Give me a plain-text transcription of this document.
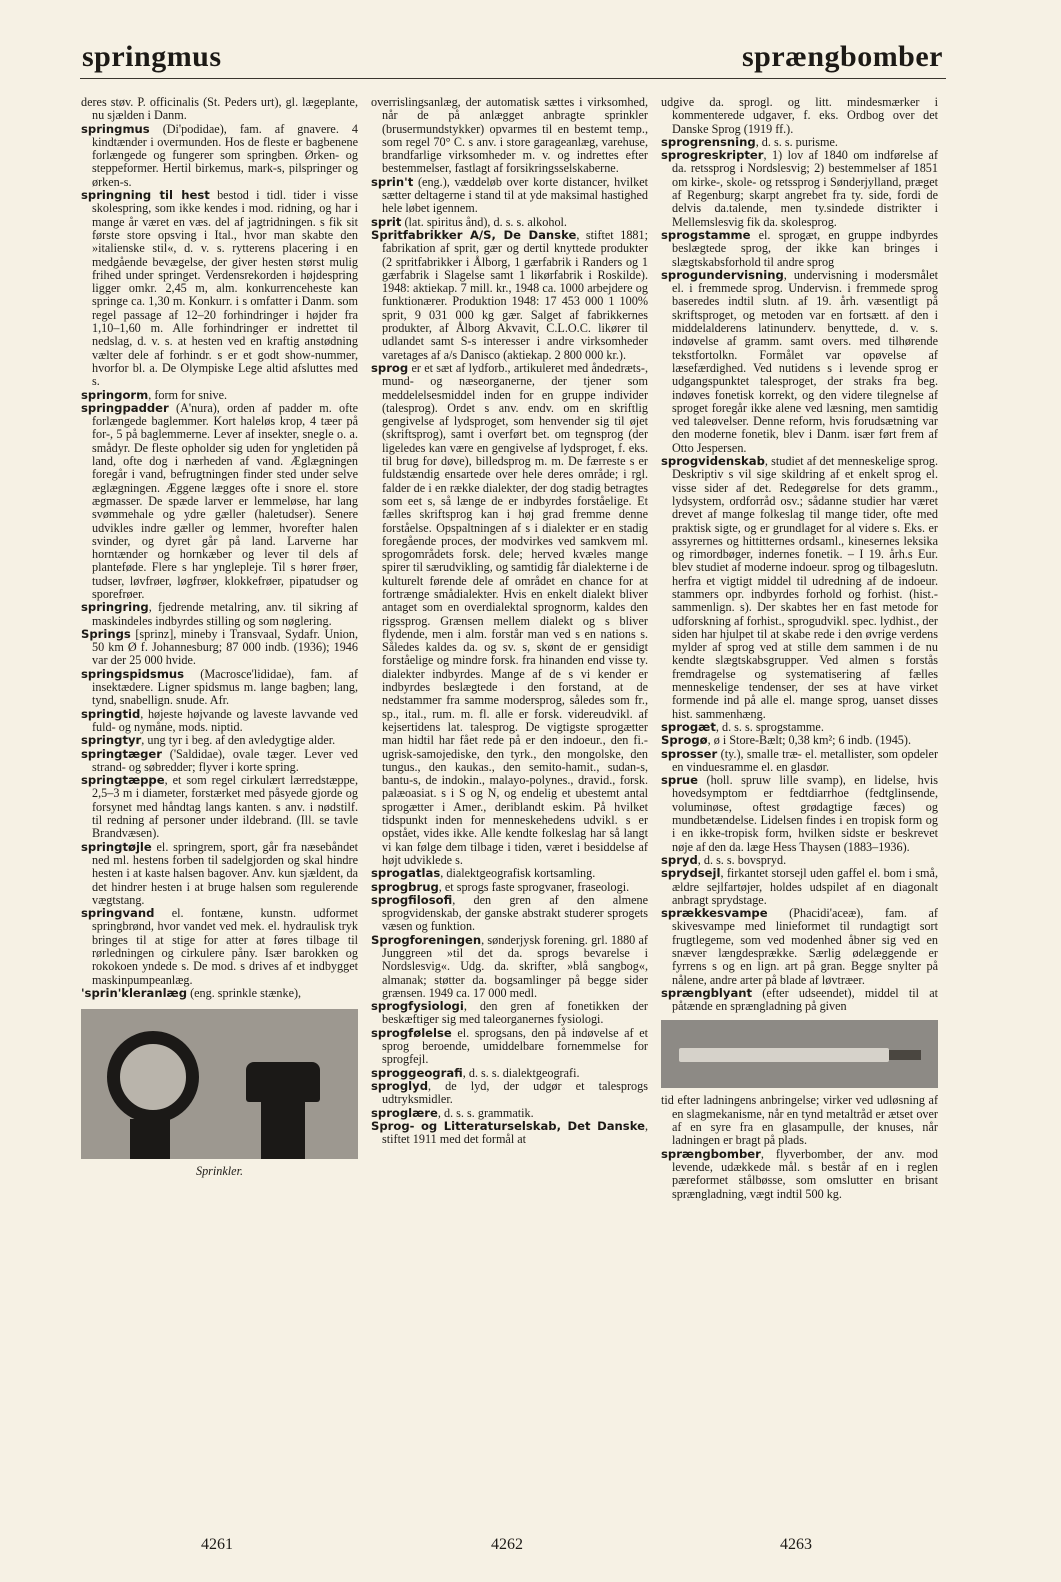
springmus	sprængbomber

deres støv. P. officinalis (St. Peders urt), gl. lægeplante, nu sjælden i Danm.

springmus (Di'podidae), fam. af gnavere. 4 kindtænder i overmunden. Hos de fleste er bagbenene forlængede og fungerer som springben. Ørken- og steppeformer. Hertil birkemus, mark-s, pilspringer og ørken-s.

springning til hest bestod i tidl. tider i visse skolespring, som ikke kendes i mod. ridning, og har i mange år været en væs. del af jagtridningen. s fik sit første store opsving i Ital., hvor man skabte den »italienske stil«, d. v. s. rytterens placering i en medgående bevægelse, der giver hesten størst mulig frihed under springet. Verdensrekorden i højdespring ligger omkr. 2,45 m, alm. konkurrenceheste kan springe ca. 1,30 m. Konkurr. i s omfatter i Danm. som regel passage af 12–20 forhindringer i højder fra 1,10–1,60 m. Alle forhindringer er indrettet til nedslag, d. v. s. at hesten ved en kraftig anstødning vælter dele af forhindr. s er et godt show-nummer, hvorfor bl. a. De Olympiske Lege altid afsluttes med s.

springorm, form for snive.

springpadder (A'nura), orden af padder m. ofte forlængede baglemmer. Kort haleløs krop, 4 tæer på for-, 5 på baglemmerne. Lever af insekter, snegle o. a. smådyr. De fleste opholder sig uden for yngletiden på land, ofte dog i nærheden af vand. Æglægningen foregår i vand, befrugtningen finder sted under selve æglægningen. Æggene lægges ofte i snore el. store ægmasser. De spæde larver er lemmeløse, har lang svømmehale og ydre gæller (haletudser). Senere udvikles indre gæller og lemmer, hvorefter halen svinder, og dyret går på land. Larverne har horntænder og hornkæber og lever til dels af planteføde. Flere s har ynglepleje. Til s hører frøer, tudser, løvfrøer, løgfrøer, klokkefrøer, pipatudser og sporefrøer.

springring, fjedrende metalring, anv. til sikring af maskindeles indbyrdes stilling og som nøglering.

Springs [sprinz], mineby i Transvaal, Sydafr. Union, 50 km Ø f. Johannesburg; 87 000 indb. (1936); 1946 var der 25 000 hvide.

springspidsmus (Macrosce'lididae), fam. af insektædere. Ligner spidsmus m. lange bagben; lang, tynd, snabellign. snude. Afr.

springtid, højeste højvande og laveste lavvande ved fuld- og nymåne, mods. niptid.

springtyr, ung tyr i beg. af den avledygtige alder.

springtæger ('Saldidae), ovale tæger. Lever ved strand- og søbredder; flyver i korte spring.

springtæppe, et som regel cirkulært lærredstæppe, 2,5–3 m i diameter, forstærket med påsyede gjorde og forsynet med håndtag langs kanten. s anv. i nødstilf. til redning af personer under ildebrand. (Ill. se tavle Brandvæsen).

springtøjle el. springrem, sport, går fra næsebåndet ned ml. hestens forben til sadelgjorden og skal hindre hesten i at kaste halsen bagover. Anv. kun sjældent, da det hindrer hesten i at bruge halsen som regulerende vægtstang.

springvand el. fontæne, kunstn. udformet springbrønd, hvor vandet ved mek. el. hydraulisk tryk bringes til at stige for atter at føres tilbage til rørledningen og cirkulere påny. Især barokken og rokokoen yndede s. De mod. s drives af et indbygget maskinpumpeanlæg.

'sprin'kleranlæg (eng. sprinkle stænke),

Sprinkler.

overrislingsanlæg, der automatisk sættes i virksomhed, når de på anlægget anbragte sprinkler (brusermundstykker) opvarmes til en bestemt temp., som regel 70° C. s anv. i store garageanlæg, varehuse, brandfarlige virksomheder m. v. og indrettes efter bestemmelser, fastlagt af forsikringsselskaberne.

sprin't (eng.), væddeløb over korte distancer, hvilket sætter deltagerne i stand til at yde maksimal hastighed hele løbet igennem.

sprit (lat. spiritus ånd), d. s. s. alkohol.

Spritfabrikker A/S, De Danske, stiftet 1881; fabrikation af sprit, gær og dertil knyttede produkter (2 spritfabrikker i Ålborg, 1 gærfabrik i Randers og 1 gærfabrik i Slagelse samt 1 likørfabrik i Roskilde). 1948: aktiekap. 7 mill. kr., 1948 ca. 1000 arbejdere og funktionærer. Produktion 1948: 17 453 000 1 100% sprit, 9 031 000 kg gær. Salget af fabrikkernes produkter, af Ålborg Akvavit, C.L.O.C. likører til udlandet samt S-s interesser i andre virksomheder varetages af a/s Danisco (aktiekap. 2 800 000 kr.).

sprog er et sæt af lydforb., artikuleret med åndedræts-, mund- og næseorganerne, der tjener som meddelelsesmiddel inden for en gruppe individer (talesprog). Ordet s anv. endv. om en skriftlig gengivelse af lydsproget, som henvender sig til øjet (skriftsprog), samt i overført bet. om tegnsprog (der ligeledes kan være en gengivelse af lydsproget, f. eks. til brug for døve), billedsprog m. m. De færreste s er fuldstændig ensartede over hele deres område; i rgl. falder de i en række dialekter, der dog stadig betragtes som eet s, så længe de er indbyrdes forståelige. Et fælles skriftsprog kan i høj grad fremme denne forståelse. Opspaltningen af s i dialekter er en stadig foregående proces, der modvirkes ved samkvem ml. sprogområdets forsk. dele; herved kvæles mange spirer til særudvikling, og samtidig får dialekterne i de kulturelt førende dele af området en chance for at fortrænge smådialekter. Hvis en enkelt dialekt bliver antaget som en overdialektal sprognorm, kaldes den rigssprog. Grænsen mellem dialekt og s bliver flydende, men i alm. forstår man ved s en nations s. Således kaldes da. og sv. s, skønt de er gensidigt forståelige og mindre forsk. fra hinanden end visse ty. dialekter indbyrdes. Mange af de s vi kender er indbyrdes beslægtede i den forstand, at de nedstammer fra samme modersprog, således som fr., sp., ital., rum. m. fl. alle er forsk. videreudvikl. af kejsertidens lat. talesprog. De vigtigste sprogætter man hidtil har fået rede på er den indoeur., den fi.-ugrisk-samojediske, den tyrk., den mongolske, den tungus., den kaukas., den semito-hamit., sudan-s, bantu-s, de indokin., malayo-polynes., dravid., forsk. palæoasiat. s i S og N, og endelig et ubestemt antal sprogætter i Amer., deriblandt eskim. På hvilket tidspunkt inden for menneskehedens udvikl. s er opstået, vides ikke. Alle kendte folkeslag har så langt vi kan følge dem tilbage i tiden, været i besiddelse af højt udviklede s.

sprogatlas, dialektgeografisk kortsamling.

sprogbrug, et sprogs faste sprogvaner, fraseologi.

sprogfilosofi, den gren af den almene sprogvidenskab, der ganske abstrakt studerer sprogets væsen og funktion.

Sprogforeningen, sønderjysk forening. grl. 1880 af Junggreen »til det da. sprogs bevarelse i Nordslesvig«. Udg. da. skrifter, »blå sangbog«, almanak; støtter da. bogsamlinger på begge sider grænsen. 1949 ca. 17 000 medl.

sprogfysiologi, den gren af fonetikken der beskæftiger sig med taleorganernes fysiologi.

sprogfølelse el. sprogsans, den på indøvelse af et sprog beroende, umiddelbare fornemmelse for sprogfejl.

sproggeografi, d. s. s. dialektgeografi.

sproglyd, de lyd, der udgør et talesprogs udtryksmidler.

sproglære, d. s. s. grammatik.

Sprog- og Litteraturselskab, Det Danske, stiftet 1911 med det formål at

udgive da. sprogl. og litt. mindesmærker i kommenterede udgaver, f. eks. Ordbog over det Danske Sprog (1919 ff.).

sprogrensning, d. s. s. purisme.

sprogreskripter, 1) lov af 1840 om indførelse af da. retssprog i Nordslesvig; 2) bestemmelser af 1851 om kirke-, skole- og retssprog i Sønderjylland, præget af Regenburg; skarpt angrebet fra ty. side, fordi de delvis da.talende, men ty.sindede distrikter i Mellemslesvig fik da. skolesprog.

sprogstamme el. sprogæt, en gruppe indbyrdes beslægtede sprog, der ikke kan bringes i slægtskabsforhold til andre sprog

sprogundervisning, undervisning i modersmålet el. i fremmede sprog. Undervisn. i fremmede sprog baseredes indtil slutn. af 19. årh. væsentligt på skriftsproget, og metoden var en fortsætt. af den i middelalderens latinunderv. benyttede, d. v. s. indøvelse af gramm. samt overs. med tilhørende tekstfortolkn. Formålet var opøvelse af læsefærdighed. Ved nutidens s i levende sprog er udgangspunktet talesproget, der straks fra beg. indøves fonetisk korrekt, og den videre tilegnelse af sproget foregår ikke alene ved læsning, men samtidig ved taleøvelser. Denne reform, hvis forudsætning var den moderne fonetik, blev i Danm. især ført frem af Otto Jespersen.

sprogvidenskab, studiet af det menneskelige sprog. Deskriptiv s vil sige skildring af et enkelt sprog el. visse sider af det. Redegørelse for dets gramm., lydsystem, ordforråd osv.; sådanne studier har været drevet af mange folkeslag til mange tider, ofte med praktisk sigte, og er grundlaget for al videre s. Eks. er assyrernes og hittitternes ordsaml., kinesernes leksika og rimordbøger, indernes fonetik. – I 19. årh.s Eur. blev studiet af moderne indoeur. sprog og tilbageslutn. herfra et vigtigt middel til udredning af de indoeur. stammers opr. indbyrdes forhold og forhist. (hist.-sammenlign. s). Der skabtes her en fast metode for udforskning af forhist., sprogudvikl. spec. lydhist., der siden har hjulpet til at skabe rede i den øvrige verdens mylder af sprog ved at stille dem sammen i de nu kendte slægtskabsgrupper. Ved almen s forstås fremdragelse og systematisering af fælles menneskelige tendenser, der ses at have virket formende ind på alle el. mange sprog, uanset disses hist. sammenhæng.

sprogæt, d. s. s. sprogstamme.

Sprogø, ø i Store-Bælt; 0,38 km²; 6 indb. (1945).

sprosser (ty.), smalle træ- el. metallister, som opdeler en vinduesramme el. en glasdør.

sprue (holl. spruw lille svamp), en lidelse, hvis hovedsymptom er fedtdiarrhoe (fedtglinsende, voluminøse, oftest grødagtige fæces) og mundbetændelse. Lidelsen findes i en tropisk form og i en ikke-tropisk form, hvilken sidste er beskrevet nøje af den da. læge Hess Thaysen (1883–1936).

spryd, d. s. s. bovspryd.

sprydsejl, firkantet storsejl uden gaffel el. bom i små, ældre sejlfartøjer, holdes udspilet af en diagonalt anbragt sprydstage.

sprækkesvampe (Phacidi'aceæ), fam. af skivesvampe med linieformet til rundagtigt sort frugtlegeme, som ved modenhed åbner sig ved en snæver længdesprække. Særlig ødelæggende er fyrrens s og en lign. art på gran. Begge snylter på nålene, andre arter på blade af løvtræer.

sprængblyant (efter udseendet), middel til at påtænde en sprængladning på given

tid efter ladningens anbringelse; virker ved udløsning af en slagmekanisme, når en tynd metaltråd er ætset over af en syre fra en glasampulle, der knuses, når ladningen er bragt på plads.

sprængbomber, flyverbomber, der anv. mod levende, udækkede mål. s består af en i reglen pæreformet stålbøsse, som omslutter en brisant sprængladning, vægt indtil 500 kg.

4261	4262	4263
